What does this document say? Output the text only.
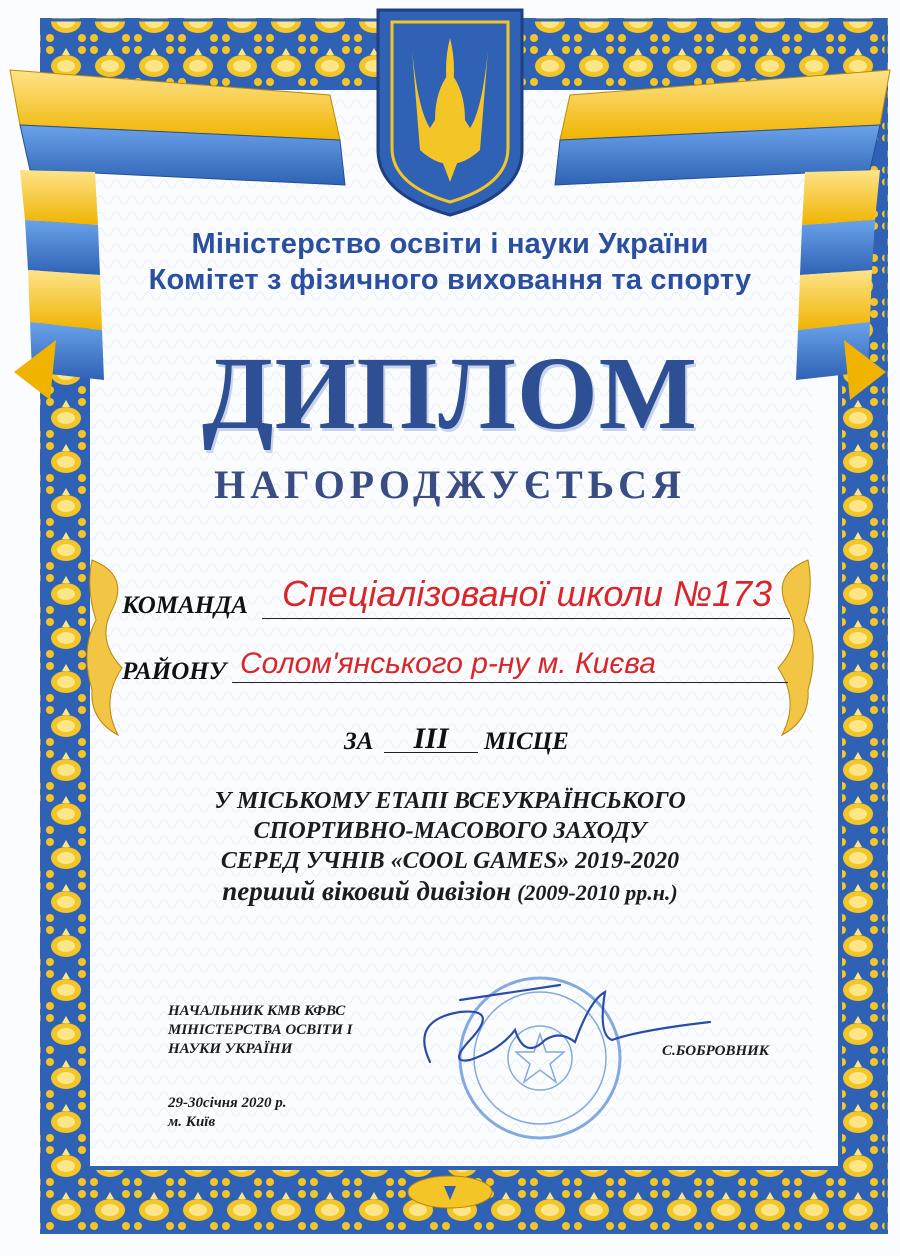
Міністерство освіти і науки України
Комітет з фізичного виховання та спорту
ДИПЛОМ
НАГОРОДЖУЄТЬСЯ
КОМАНДА Спеціалізованої школи №173
РАЙОНУ Солом'янського р-ну м. Києва
ЗА	III	МІСЦЕ
У МІСЬКОМУ ЕТАПІ ВСЕУКРАЇНСЬКОГО
СПОРТИВНО-МАСОВОГО ЗАХОДУ
СЕРЕД УЧНІВ «COOL GAMES» 2019-2020
перший віковий дивізіон (2009-2010 рр.н.)
НАЧАЛЬНИК КМВ КФВС
МІНІСТЕРСТВА ОСВІТИ І
НАУКИ УКРАЇНИ	С.БОБРОВНИК
29-30січня 2020 р.
м. Київ
